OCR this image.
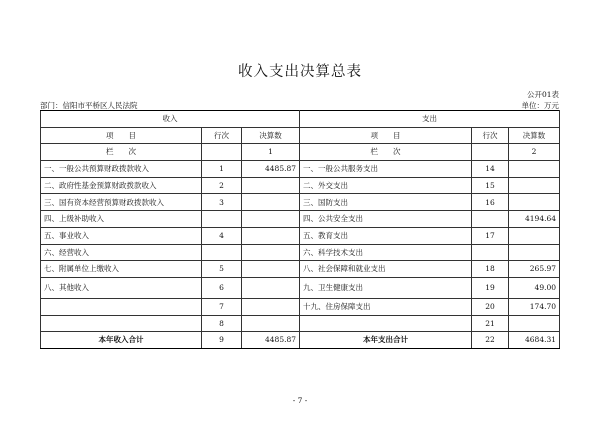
收入支出决算总表
公开01表
部门：信阳市平桥区人民法院	单位：万元
收入			支出		
项　　目	行次	决算数	项　　目	行次	决算数
栏　　次		1	栏　　次		2
一、一般公共预算财政拨款收入	1	4485.87	一、一般公共服务支出	14	
二、政府性基金预算财政拨款收入	2		二、外交支出	15	
三、国有资本经营预算财政拨款收入	3		三、国防支出	16	
四、上级补助收入			四、公共安全支出		4194.64
五、事业收入	4		五、教育支出	17	
六、经营收入			六、科学技术支出		
七、附属单位上缴收入	5		八、社会保障和就业支出	18	265.97
八、其他收入	6		九、卫生健康支出	19	49.00
	7		十九、住房保障支出	20	174.70
	8			21	
本年收入合计	9	4485.87	本年支出合计	22	4684.31
- 7 -
